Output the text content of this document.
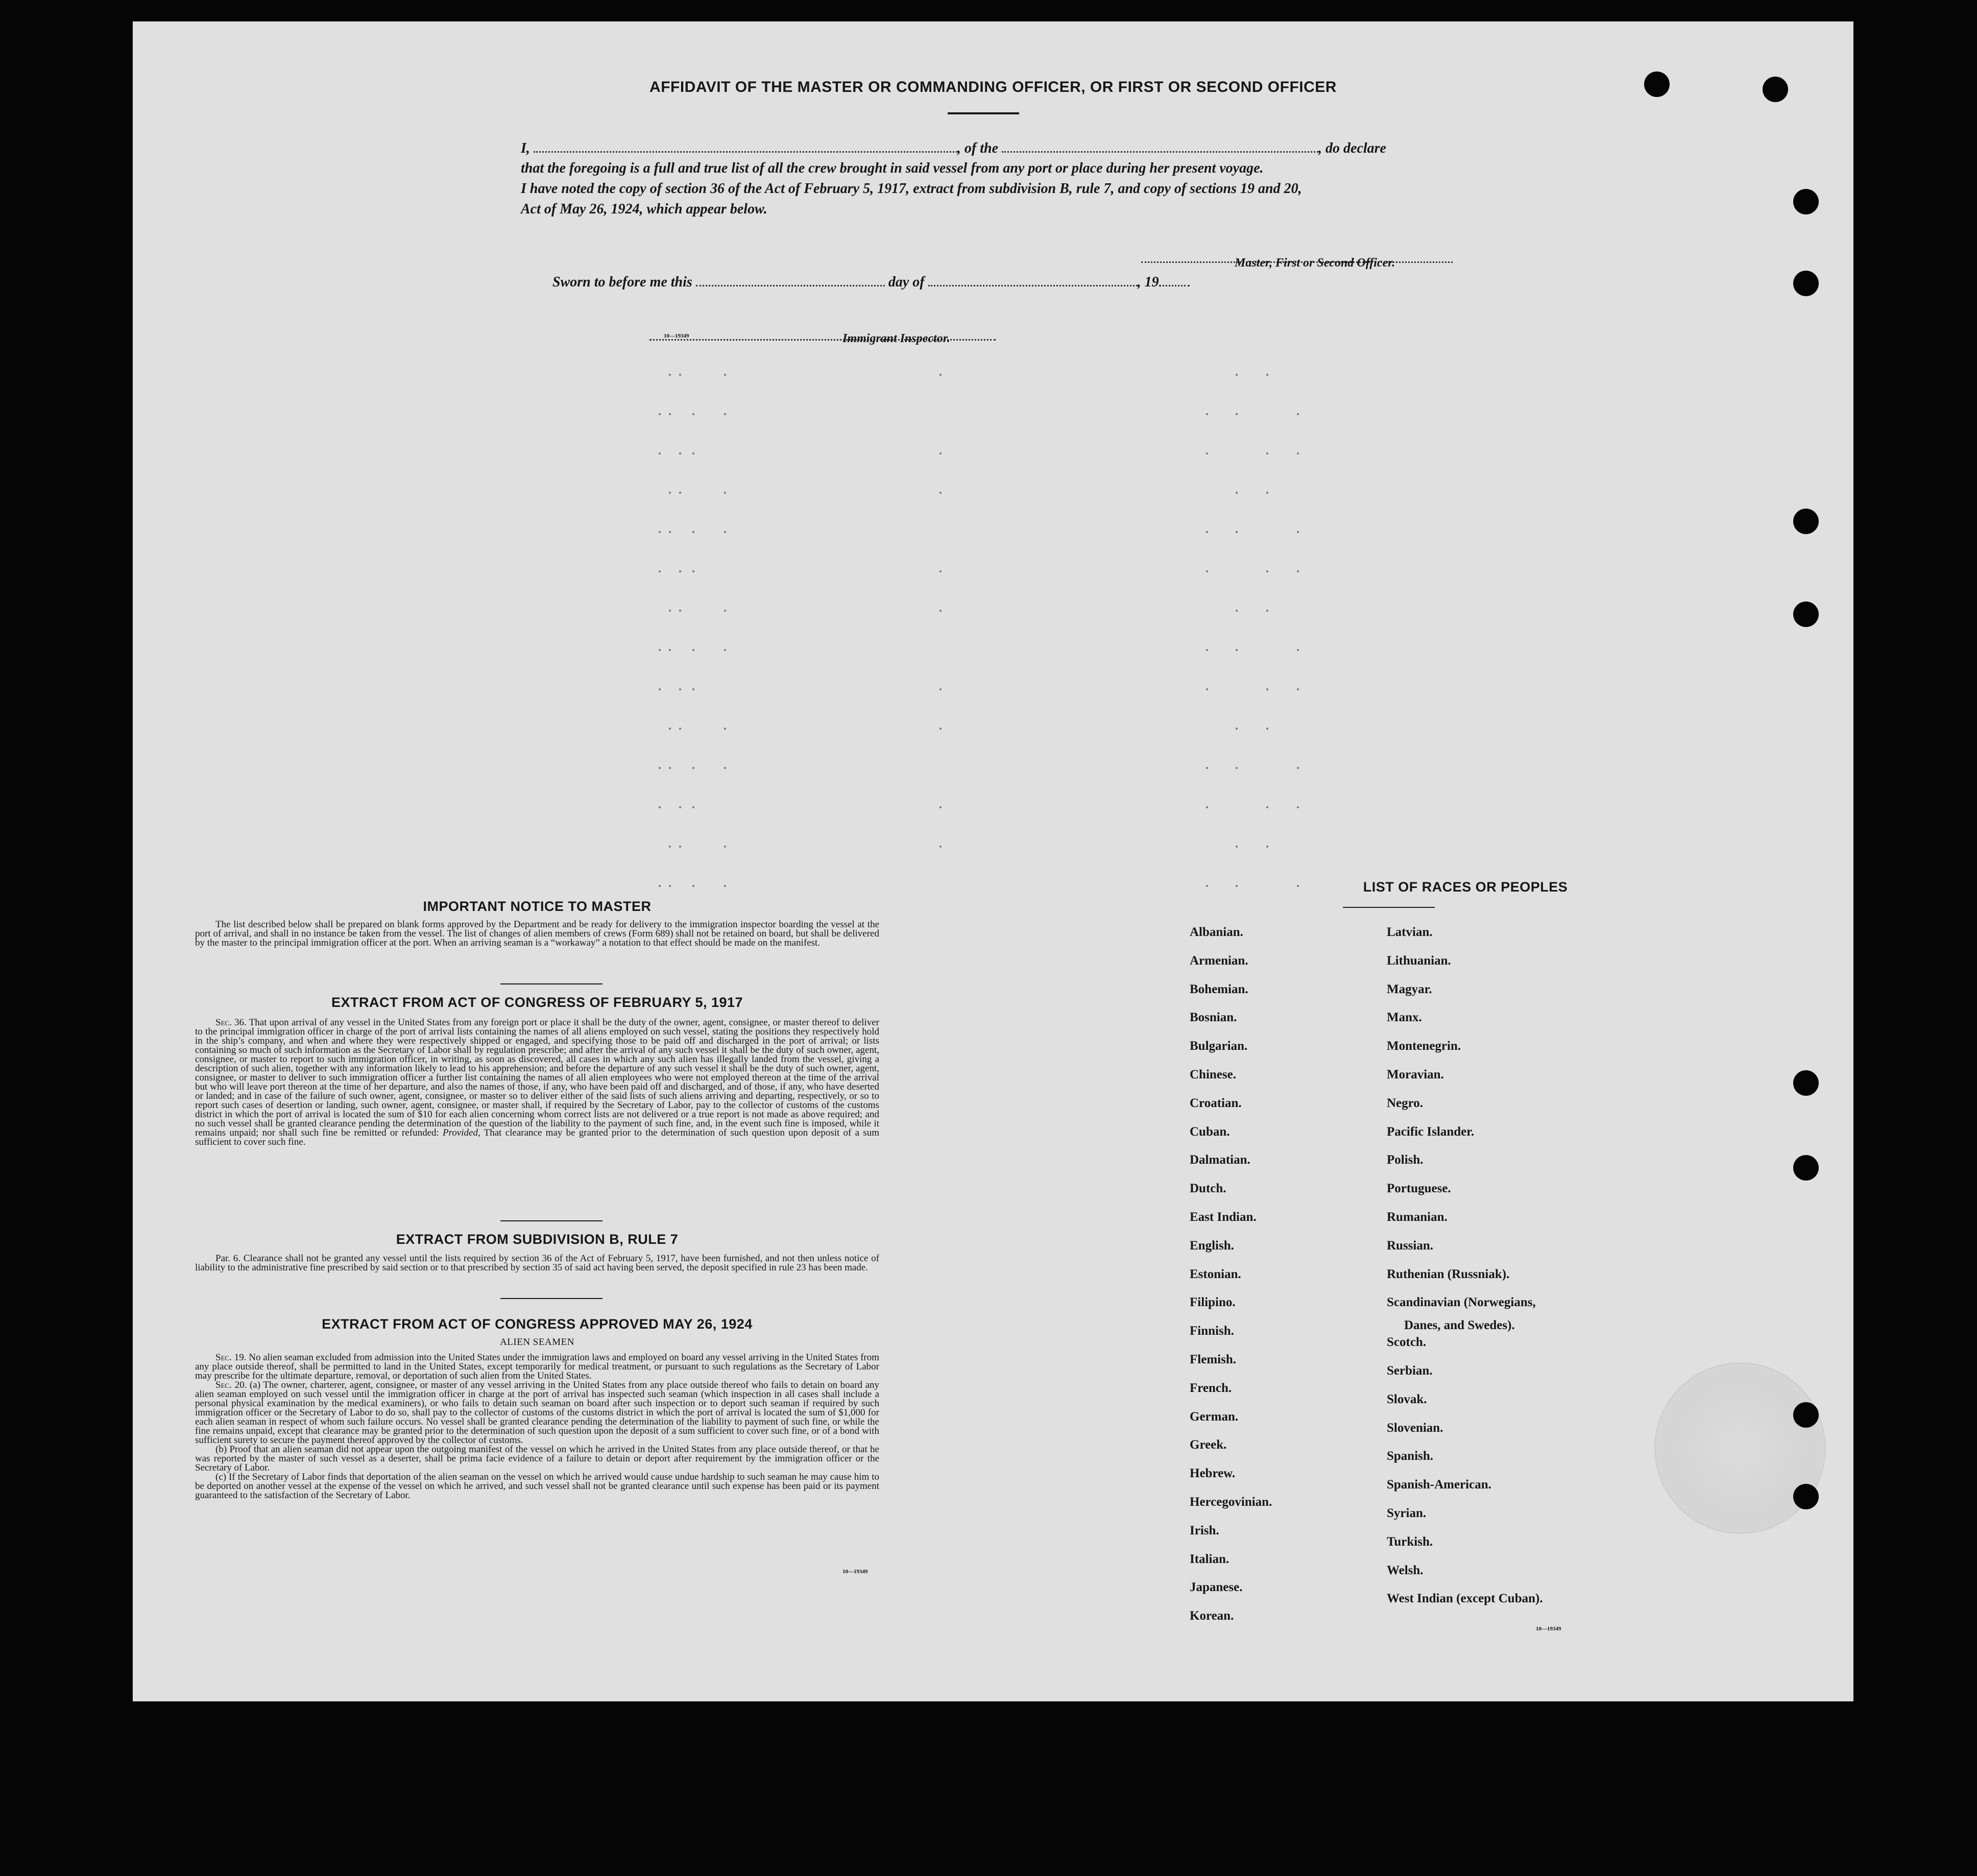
AFFIDAVIT OF THE MASTER OR COMMANDING OFFICER, OR FIRST OR SECOND OFFICER
I,	, of the	, do declare
that the foregoing is a full and true list of all the crew brought in said vessel from any port or place during her present voyage.
I have noted the copy of section 36 of the Act of February 5, 1917, extract from subdivision B, rule 7, and copy of sections 19 and 20,
Act of May 26, 1924, which appear below.
Master, First or Second Officer.
Sworn to before me this	day of	, 19
10—19349	Immigrant Inspector.
IMPORTANT NOTICE TO MASTER

The list described below shall be prepared on blank forms approved by the Department and be ready for delivery to the immigration inspector boarding the vessel at the port of arrival, and shall in no instance be taken from the vessel. The list of changes of alien members of crews (Form 689) shall not be retained on board, but shall be delivered by the master to the principal immigration officer at the port. When an arriving seaman is a “workaway” a notation to that effect should be made on the manifest.

EXTRACT FROM ACT OF CONGRESS OF FEBRUARY 5, 1917

Sec. 36. That upon arrival of any vessel in the United States from any foreign port or place it shall be the duty of the owner, agent, consignee, or master thereof to deliver to the principal immigration officer in charge of the port of arrival lists containing the names of all aliens employed on such vessel, stating the positions they respectively hold in the ship’s company, and when and where they were respectively shipped or engaged, and specifying those to be paid off and discharged in the port of arrival; or lists containing so much of such information as the Secretary of Labor shall by regulation prescribe; and after the arrival of any such vessel it shall be the duty of such owner, agent, consignee, or master to report to such immigration officer, in writing, as soon as discovered, all cases in which any such alien has illegally landed from the vessel, giving a description of such alien, together with any information likely to lead to his apprehension; and before the departure of any such vessel it shall be the duty of such owner, agent, consignee, or master to deliver to such immigration officer a further list containing the names of all alien employees who were not employed thereon at the time of the arrival but who will leave port thereon at the time of her departure, and also the names of those, if any, who have been paid off and discharged, and of those, if any, who have deserted or landed; and in case of the failure of such owner, agent, consignee, or master so to deliver either of the said lists of such aliens arriving and departing, respectively, or so to report such cases of desertion or landing, such owner, agent, consignee, or master shall, if required by the Secretary of Labor, pay to the collector of customs of the customs district in which the port of arrival is located the sum of $10 for each alien concerning whom correct lists are not delivered or a true report is not made as above required; and no such vessel shall be granted clearance pending the determination of the question of the liability to the payment of such fine, and, in the event such fine is imposed, while it remains unpaid; nor shall such fine be remitted or refunded: Provided, That clearance may be granted prior to the determination of such question upon deposit of a sum sufficient to cover such fine.

EXTRACT FROM SUBDIVISION B, RULE 7

Par. 6. Clearance shall not be granted any vessel until the lists required by section 36 of the Act of February 5, 1917, have been furnished, and not then unless notice of liability to the administrative fine prescribed by said section or to that prescribed by section 35 of said act having been served, the deposit specified in rule 23 has been made.

EXTRACT FROM ACT OF CONGRESS APPROVED MAY 26, 1924
ALIEN SEAMEN

Sec. 19. No alien seaman excluded from admission into the United States under the immigration laws and employed on board any vessel arriving in the United States from any place outside thereof, shall be permitted to land in the United States, except temporarily for medical treatment, or pursuant to such regulations as the Secretary of Labor may prescribe for the ultimate departure, removal, or deportation of such alien from the United States.

Sec. 20. (a) The owner, charterer, agent, consignee, or master of any vessel arriving in the United States from any place outside thereof who fails to detain on board any alien seaman employed on such vessel until the immigration officer in charge at the port of arrival has inspected such seaman (which inspection in all cases shall include a personal physical examination by the medical examiners), or who fails to detain such seaman on board after such inspection or to deport such seaman if required by such immigration officer or the Secretary of Labor to do so, shall pay to the collector of customs of the customs district in which the port of arrival is located the sum of $1,000 for each alien seaman in respect of whom such failure occurs. No vessel shall be granted clearance pending the determination of the liability to payment of such fine, or while the fine remains unpaid, except that clearance may be granted prior to the determination of such question upon the deposit of a sum sufficient to cover such fine, or of a bond with sufficient surety to secure the payment thereof approved by the collector of customs.

(b) Proof that an alien seaman did not appear upon the outgoing manifest of the vessel on which he arrived in the United States from any place outside thereof, or that he was reported by the master of such vessel as a deserter, shall be prima facie evidence of a failure to detain or deport after requirement by the immigration officer or the Secretary of Labor.

(c) If the Secretary of Labor finds that deportation of the alien seaman on the vessel on which he arrived would cause undue hardship to such seaman he may cause him to be deported on another vessel at the expense of the vessel on which he arrived, and such vessel shall not be granted clearance until such expense has been paid or its payment guaranteed to the satisfaction of the Secretary of Labor.

10—19349
LIST OF RACES OR PEOPLES
Albanian.
Armenian.
Bohemian.
Bosnian.
Bulgarian.
Chinese.
Croatian.
Cuban.
Dalmatian.
Dutch.
East Indian.
English.
Estonian.
Filipino.
Finnish.
Flemish.
French.
German.
Greek.
Hebrew.
Hercegovinian.
Irish.
Italian.
Japanese.
Korean.
Latvian.
Lithuanian.
Magyar.
Manx.
Montenegrin.
Moravian.
Negro.
Pacific Islander.
Polish.
Portuguese.
Rumanian.
Russian.
Ruthenian (Russniak).
Scandinavian (Norwegians,
Scotch.
Serbian.
Slovak.
Slovenian.
Spanish.
Spanish-American.
Syrian.
Turkish.
Welsh.
West Indian (except Cuban).
Danes, and Swedes).
10—19349
